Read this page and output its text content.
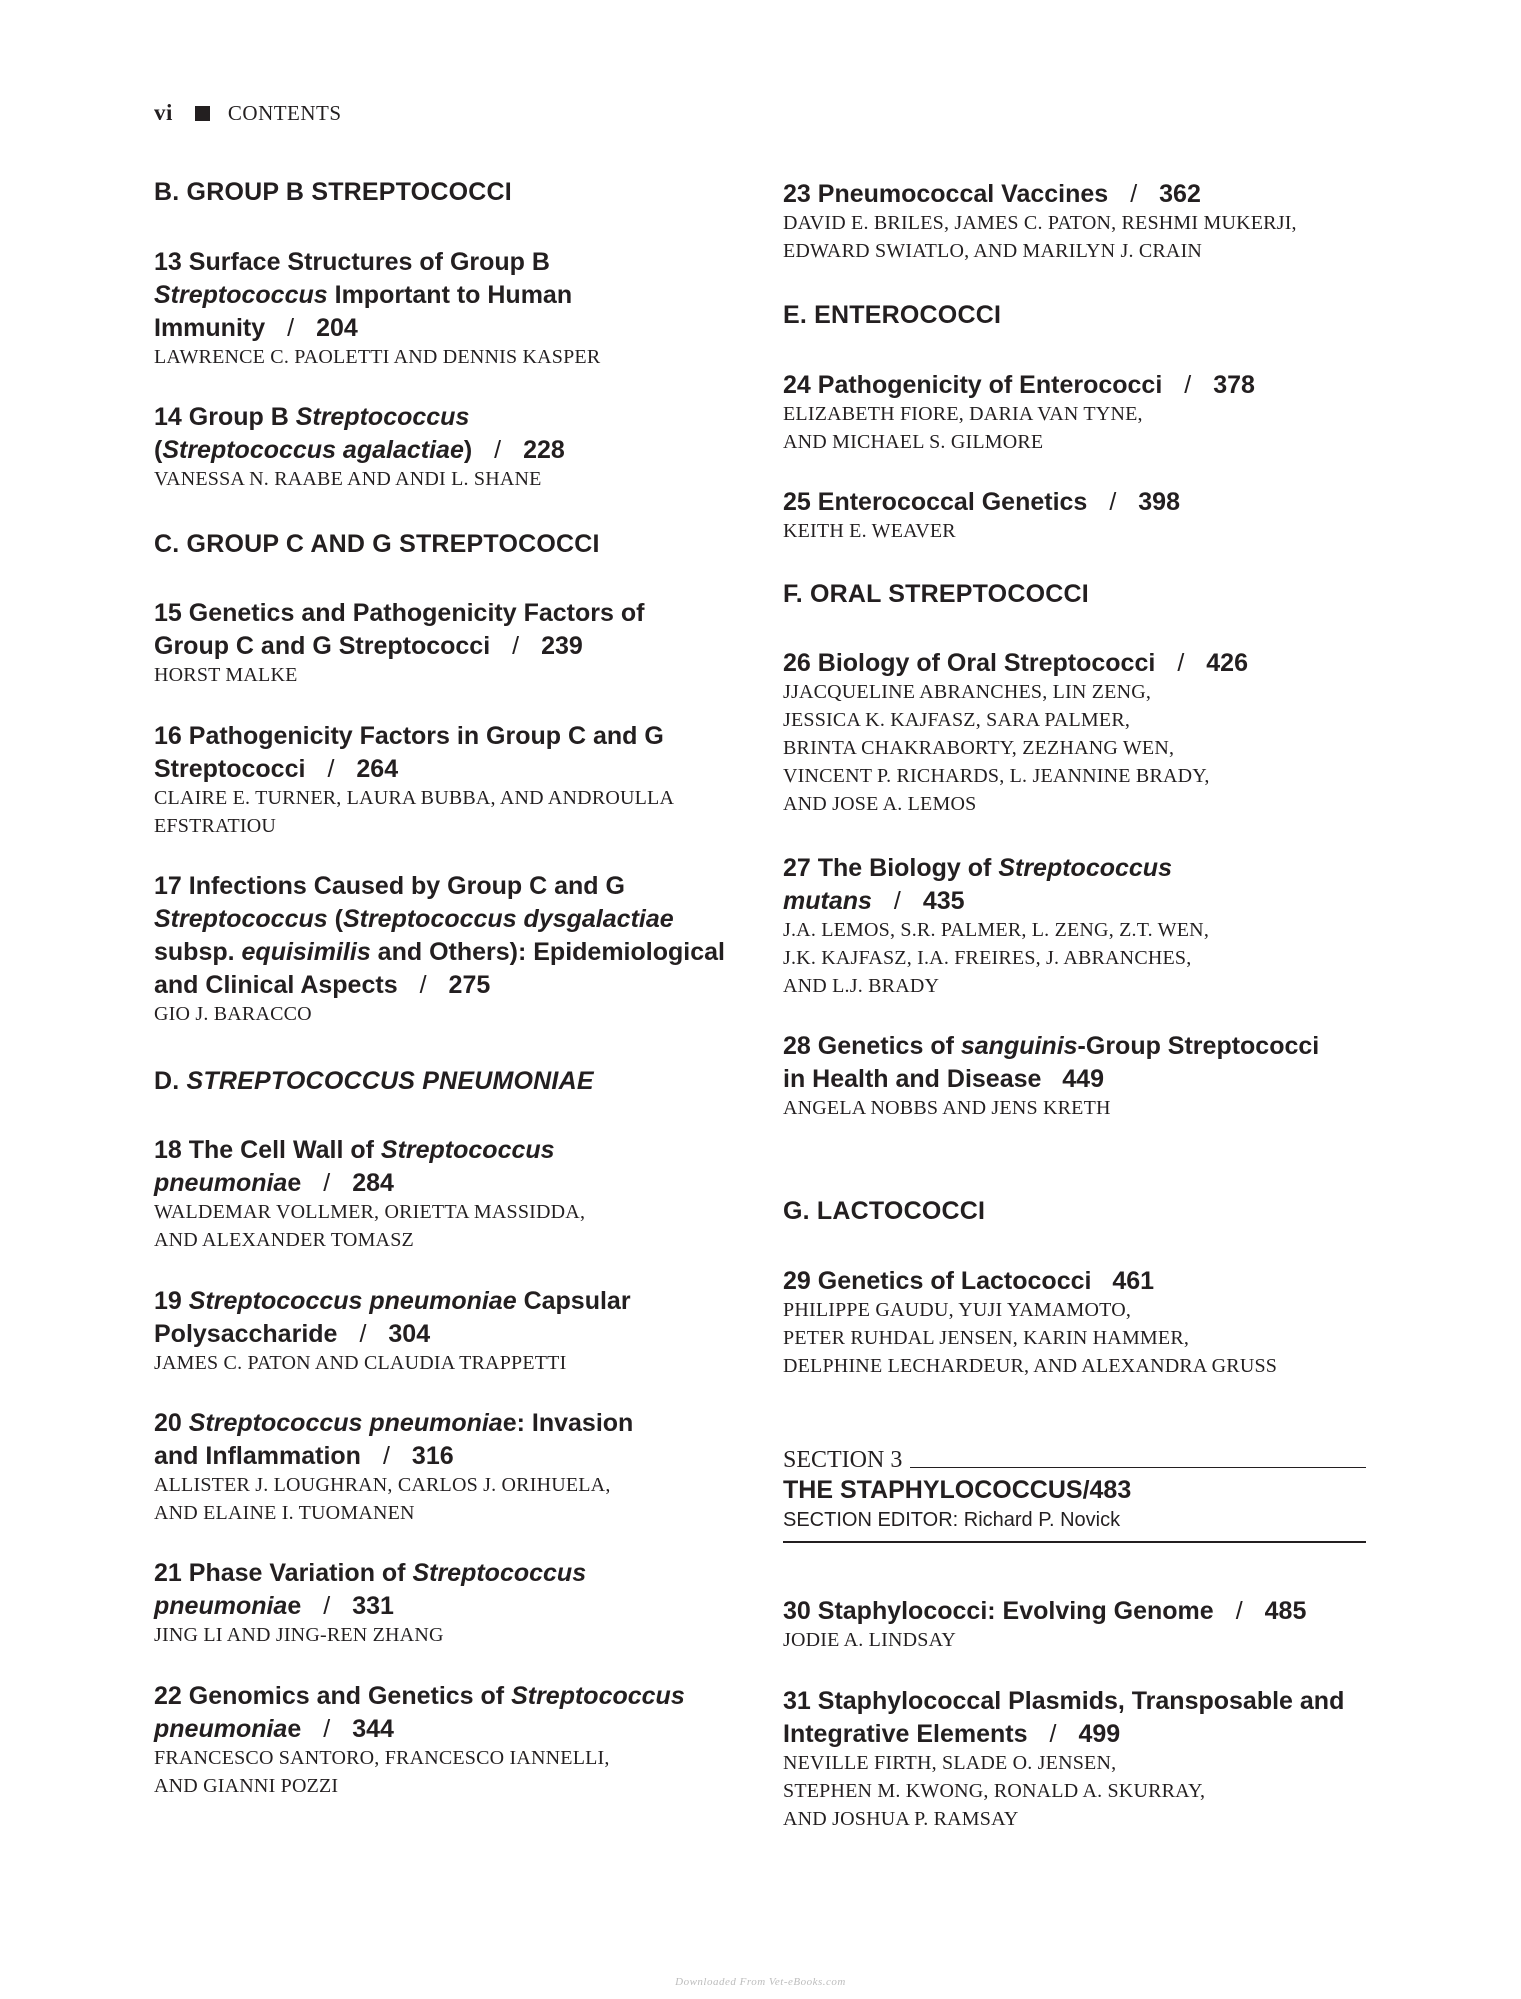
vi	CONTENTS
B. GROUP B STREPTOCOCCI
13 Surface Structures of Group B
Streptococcus Important to Human
Immunity / 204
LAWRENCE C. PAOLETTI AND DENNIS KASPER
14 Group B Streptococcus
(Streptococcus agalactiae) / 228
VANESSA N. RAABE AND ANDI L. SHANE
C. GROUP C AND G STREPTOCOCCI
15 Genetics and Pathogenicity Factors of
Group C and G Streptococci / 239
HORST MALKE
16 Pathogenicity Factors in Group C and G
Streptococci / 264
CLAIRE E. TURNER, LAURA BUBBA, AND ANDROULLA
EFSTRATIOU
17 Infections Caused by Group C and G
Streptococcus (Streptococcus dysgalactiae
subsp. equisimilis and Others): Epidemiological
and Clinical Aspects / 275
GIO J. BARACCO
D. STREPTOCOCCUS PNEUMONIAE
18 The Cell Wall of Streptococcus
pneumoniae / 284
WALDEMAR VOLLMER, ORIETTA MASSIDDA,
AND ALEXANDER TOMASZ
19 Streptococcus pneumoniae Capsular
Polysaccharide / 304
JAMES C. PATON AND CLAUDIA TRAPPETTI
20 Streptococcus pneumoniae: Invasion
and Inflammation / 316
ALLISTER J. LOUGHRAN, CARLOS J. ORIHUELA,
AND ELAINE I. TUOMANEN
21 Phase Variation of Streptococcus
pneumoniae / 331
JING LI AND JING-REN ZHANG
22 Genomics and Genetics of Streptococcus
pneumoniae / 344
FRANCESCO SANTORO, FRANCESCO IANNELLI,
AND GIANNI POZZI
23 Pneumococcal Vaccines / 362
DAVID E. BRILES, JAMES C. PATON, RESHMI MUKERJI,
EDWARD SWIATLO, AND MARILYN J. CRAIN
E. ENTEROCOCCI
24 Pathogenicity of Enterococci / 378
ELIZABETH FIORE, DARIA VAN TYNE,
AND MICHAEL S. GILMORE
25 Enterococcal Genetics / 398
KEITH E. WEAVER
F. ORAL STREPTOCOCCI
26 Biology of Oral Streptococci / 426
JJACQUELINE ABRANCHES, LIN ZENG,
JESSICA K. KAJFASZ, SARA PALMER,
BRINTA CHAKRABORTY, ZEZHANG WEN,
VINCENT P. RICHARDS, L. JEANNINE BRADY,
AND JOSE A. LEMOS
27 The Biology of Streptococcus
mutans / 435
J.A. LEMOS, S.R. PALMER, L. ZENG, Z.T. WEN,
J.K. KAJFASZ, I.A. FREIRES, J. ABRANCHES,
AND L.J. BRADY
28 Genetics of sanguinis-Group Streptococci
in Health and Disease 449
ANGELA NOBBS AND JENS KRETH
G. LACTOCOCCI
29 Genetics of Lactococci 461
PHILIPPE GAUDU, YUJI YAMAMOTO,
PETER RUHDAL JENSEN, KARIN HAMMER,
DELPHINE LECHARDEUR, AND ALEXANDRA GRUSS
SECTION 3
THE STAPHYLOCOCCUS/483
SECTION EDITOR: Richard P. Novick
30 Staphylococci: Evolving Genome / 485
JODIE A. LINDSAY
31 Staphylococcal Plasmids, Transposable and
Integrative Elements / 499
NEVILLE FIRTH, SLADE O. JENSEN,
STEPHEN M. KWONG, RONALD A. SKURRAY,
AND JOSHUA P. RAMSAY
Downloaded From Vet-eBooks.com
